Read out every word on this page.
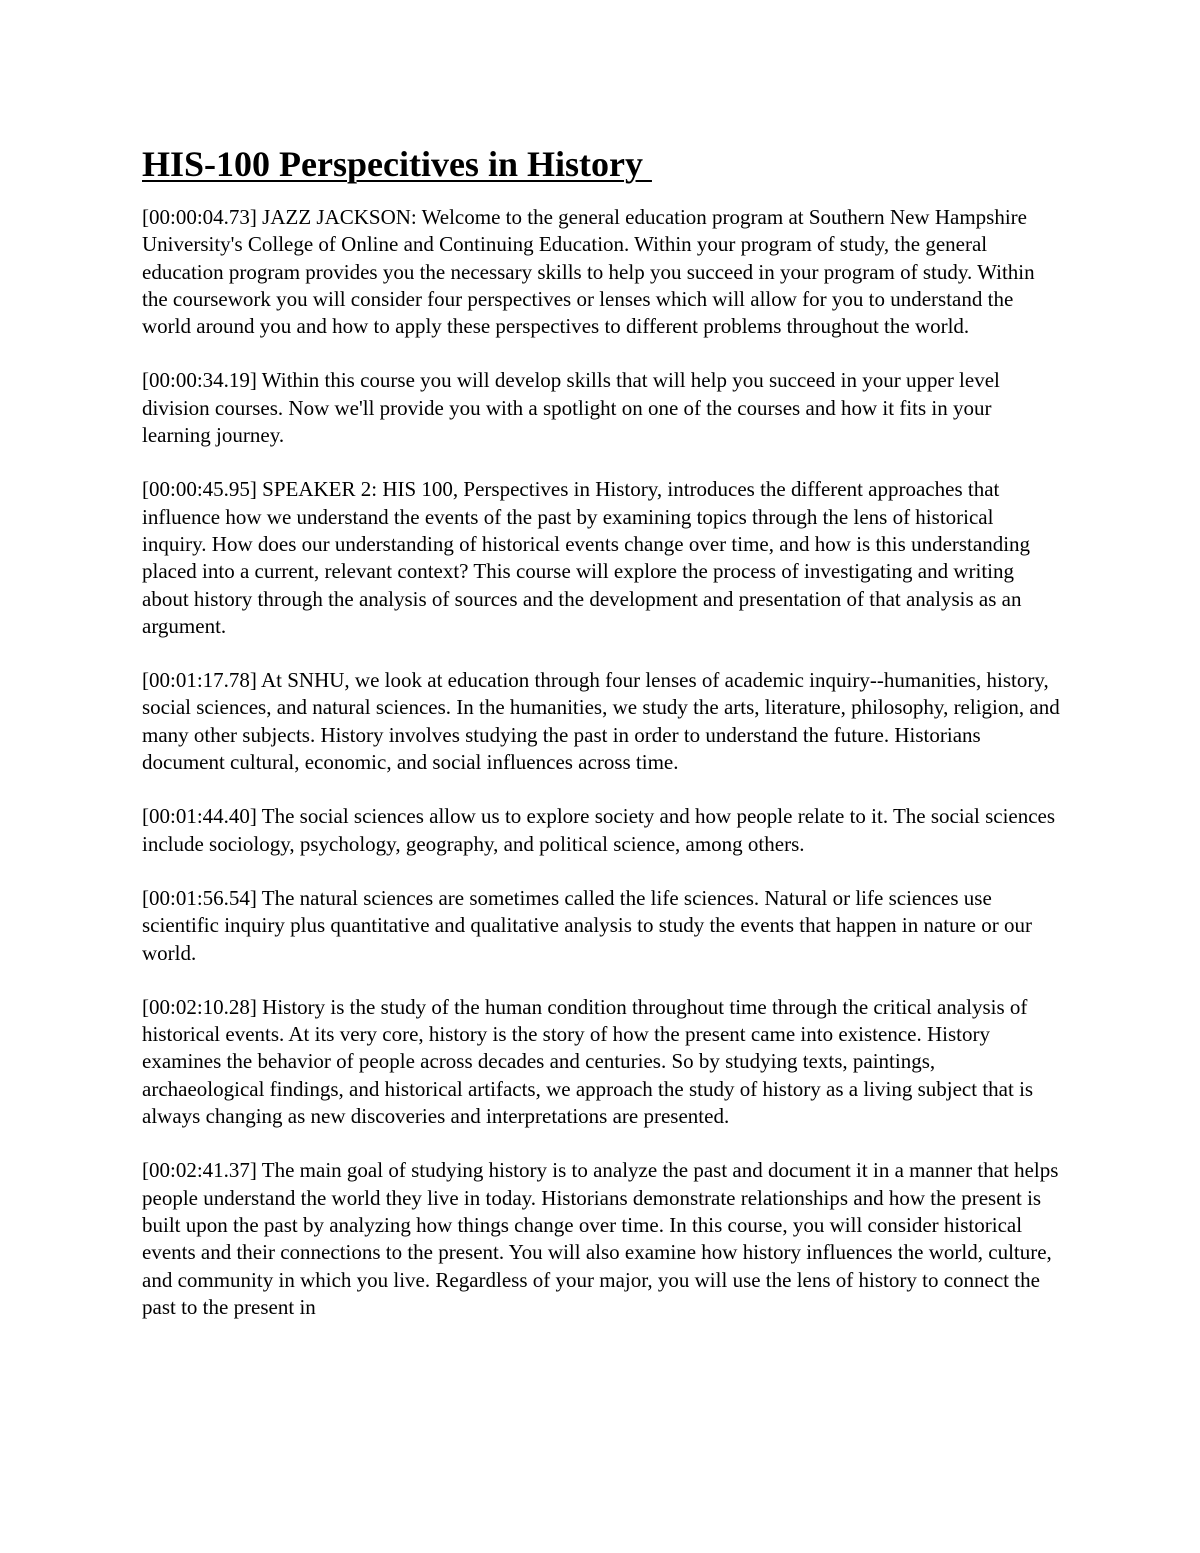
HIS-100 Perspecitives in History

[00:00:04.73] JAZZ JACKSON: Welcome to the general education program at Southern New Hampshire University's College of Online and Continuing Education. Within your program of study, the general education program provides you the necessary skills to help you succeed in your program of study. Within the coursework you will consider four perspectives or lenses which will allow for you to understand the world around you and how to apply these perspectives to different problems throughout the world.

[00:00:34.19] Within this course you will develop skills that will help you succeed in your upper level division courses. Now we'll provide you with a spotlight on one of the courses and how it fits in your learning journey.

[00:00:45.95] SPEAKER 2: HIS 100, Perspectives in History, introduces the different approaches that influence how we understand the events of the past by examining topics through the lens of historical inquiry. How does our understanding of historical events change over time, and how is this understanding placed into a current, relevant context? This course will explore the process of investigating and writing about history through the analysis of sources and the development and presentation of that analysis as an argument.

[00:01:17.78] At SNHU, we look at education through four lenses of academic inquiry--humanities, history, social sciences, and natural sciences. In the humanities, we study the arts, literature, philosophy, religion, and many other subjects. History involves studying the past in order to understand the future. Historians document cultural, economic, and social influences across time.

[00:01:44.40] The social sciences allow us to explore society and how people relate to it. The social sciences include sociology, psychology, geography, and political science, among others.

[00:01:56.54] The natural sciences are sometimes called the life sciences. Natural or life sciences use scientific inquiry plus quantitative and qualitative analysis to study the events that happen in nature or our world.

[00:02:10.28] History is the study of the human condition throughout time through the critical analysis of historical events. At its very core, history is the story of how the present came into existence. History examines the behavior of people across decades and centuries. So by studying texts, paintings, archaeological findings, and historical artifacts, we approach the study of history as a living subject that is always changing as new discoveries and interpretations are presented.

[00:02:41.37] The main goal of studying history is to analyze the past and document it in a manner that helps people understand the world they live in today. Historians demonstrate relationships and how the present is built upon the past by analyzing how things change over time. In this course, you will consider historical events and their connections to the present. You will also examine how history influences the world, culture, and community in which you live. Regardless of your major, you will use the lens of history to connect the past to the present in
